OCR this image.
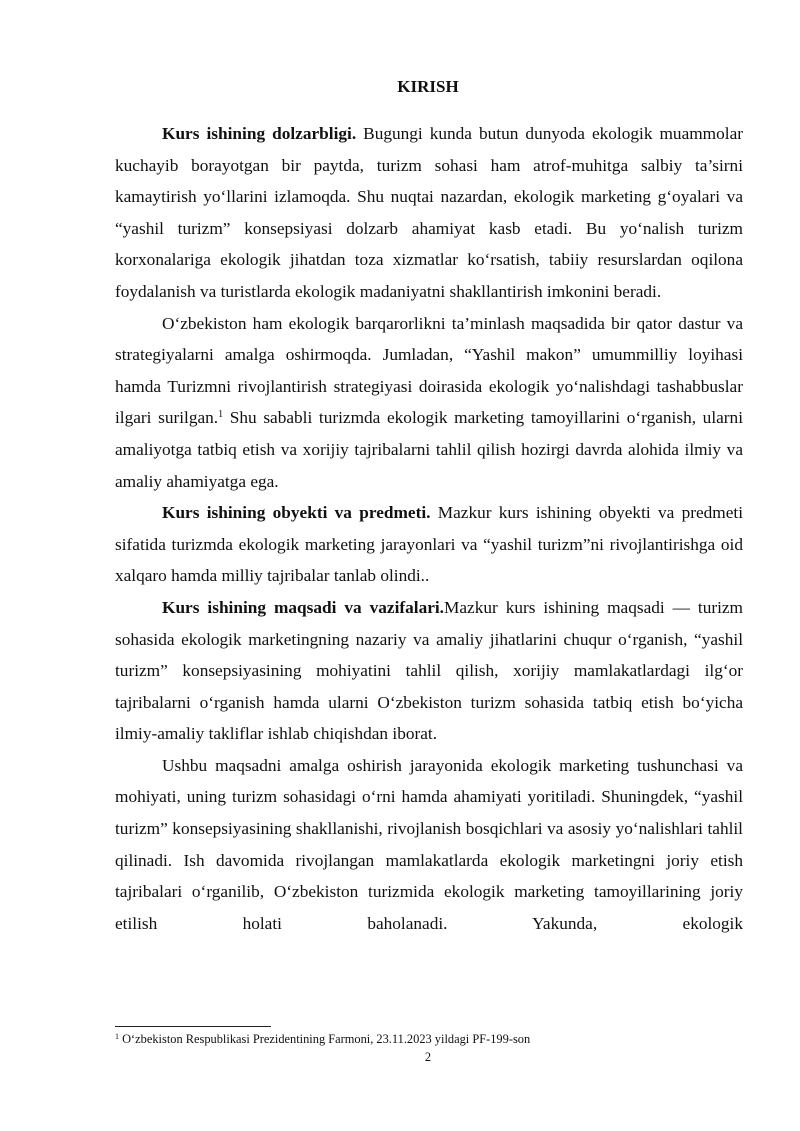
KIRISH

Kurs ishining dolzarbligi. Bugungi kunda butun dunyoda ekologik muammolar kuchayib borayotgan bir paytda, turizm sohasi ham atrof-muhitga salbiy ta’sirni kamaytirish yo‘llarini izlamoqda. Shu nuqtai nazardan, ekologik marketing g‘oyalari va “yashil turizm” konsepsiyasi dolzarb ahamiyat kasb etadi. Bu yo‘nalish turizm korxonalariga ekologik jihatdan toza xizmatlar ko‘rsatish, tabiiy resurslardan oqilona foydalanish va turistlarda ekologik madaniyatni shakllantirish imkonini beradi.

O‘zbekiston ham ekologik barqarorlikni ta’minlash maqsadida bir qator dastur va strategiyalarni amalga oshirmoqda. Jumladan, “Yashil makon” umummilliy loyihasi hamda Turizmni rivojlantirish strategiyasi doirasida ekologik yo‘nalishdagi tashabbuslar ilgari surilgan.$^1$ Shu sababli turizmda ekologik marketing tamoyillarini o‘rganish, ularni amaliyotga tatbiq etish va xorijiy tajribalarni tahlil qilish hozirgi davrda alohida ilmiy va amaliy ahamiyatga ega.

Kurs ishining obyekti va predmeti. Mazkur kurs ishining obyekti va predmeti sifatida turizmda ekologik marketing jarayonlari va “yashil turizm”ni rivojlantirishga oid xalqaro hamda milliy tajribalar tanlab olindi..

Kurs ishining maqsadi va vazifalari.Mazkur kurs ishining maqsadi — turizm sohasida ekologik marketingning nazariy va amaliy jihatlarini chuqur o‘rganish, “yashil turizm” konsepsiyasining mohiyatini tahlil qilish, xorijiy mamlakatlardagi ilg‘or tajribalarni o‘rganish hamda ularni O‘zbekiston turizm sohasida tatbiq etish bo‘yicha ilmiy-amaliy takliflar ishlab chiqishdan iborat.

Ushbu maqsadni amalga oshirish jarayonida ekologik marketing tushunchasi va mohiyati, uning turizm sohasidagi o‘rni hamda ahamiyati yoritiladi. Shuningdek, “yashil turizm” konsepsiyasining shakllanishi, rivojlanish bosqichlari va asosiy yo‘nalishlari tahlil qilinadi. Ish davomida rivojlangan mamlakatlarda ekologik marketingni joriy etish tajribalari o‘rganilib, O‘zbekiston turizmida ekologik marketing tamoyillarining joriy etilish holati baholanadi. Yakunda, ekologik

$^1$ O‘zbekiston Respublikasi Prezidentining Farmoni, 23.11.2023 yildagi PF-199-son
2
